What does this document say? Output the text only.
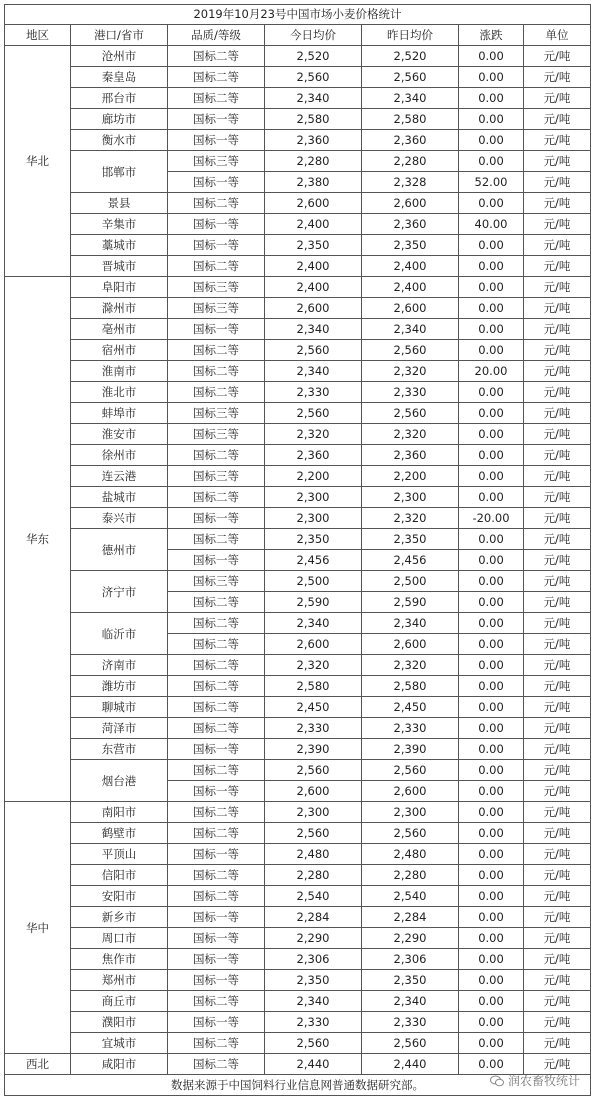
2019年10月23号中国市场小麦价格统计
地区	港口/省市	品质/等级	今日均价	昨日均价	涨跌	单位
华北	沧州市	国标二等	2,520	2,520	0.00	元/吨
	秦皇岛	国标二等	2,560	2,560	0.00	元/吨
	邢台市	国标二等	2,340	2,340	0.00	元/吨
	廊坊市	国标一等	2,580	2,580	0.00	元/吨
	衡水市	国标一等	2,360	2,360	0.00	元/吨
	邯郸市	国标三等	2,280	2,280	0.00	元/吨
		国标一等	2,380	2,328	52.00	元/吨
	景县	国标二等	2,600	2,600	0.00	元/吨
	辛集市	国标一等	2,400	2,360	40.00	元/吨
	藁城市	国标一等	2,350	2,350	0.00	元/吨
	晋城市	国标二等	2,400	2,400	0.00	元/吨
华东	阜阳市	国标三等	2,400	2,400	0.00	元/吨
	滁州市	国标三等	2,600	2,600	0.00	元/吨
	亳州市	国标一等	2,340	2,340	0.00	元/吨
	宿州市	国标二等	2,560	2,560	0.00	元/吨
	淮南市	国标二等	2,340	2,320	20.00	元/吨
	淮北市	国标二等	2,330	2,330	0.00	元/吨
	蚌埠市	国标三等	2,560	2,560	0.00	元/吨
	淮安市	国标三等	2,320	2,320	0.00	元/吨
	徐州市	国标二等	2,360	2,360	0.00	元/吨
	连云港	国标三等	2,200	2,200	0.00	元/吨
	盐城市	国标二等	2,300	2,300	0.00	元/吨
	泰兴市	国标一等	2,300	2,320	-20.00	元/吨
	德州市	国标二等	2,350	2,350	0.00	元/吨
		国标一等	2,456	2,456	0.00	元/吨
	济宁市	国标三等	2,500	2,500	0.00	元/吨
		国标二等	2,590	2,590	0.00	元/吨
	临沂市	国标二等	2,340	2,340	0.00	元/吨
		国标二等	2,600	2,600	0.00	元/吨
	济南市	国标二等	2,320	2,320	0.00	元/吨
	潍坊市	国标二等	2,580	2,580	0.00	元/吨
	聊城市	国标二等	2,450	2,450	0.00	元/吨
	菏泽市	国标二等	2,330	2,330	0.00	元/吨
	东营市	国标一等	2,390	2,390	0.00	元/吨
	烟台港	国标二等	2,560	2,560	0.00	元/吨
		国标一等	2,600	2,600	0.00	元/吨
华中	南阳市	国标二等	2,300	2,300	0.00	元/吨
	鹤壁市	国标二等	2,560	2,560	0.00	元/吨
	平顶山	国标一等	2,480	2,480	0.00	元/吨
	信阳市	国标二等	2,280	2,280	0.00	元/吨
	安阳市	国标二等	2,540	2,540	0.00	元/吨
	新乡市	国标一等	2,284	2,284	0.00	元/吨
	周口市	国标一等	2,290	2,290	0.00	元/吨
	焦作市	国标一等	2,306	2,306	0.00	元/吨
	郑州市	国标一等	2,350	2,350	0.00	元/吨
	商丘市	国标二等	2,340	2,340	0.00	元/吨
	濮阳市	国标一等	2,330	2,330	0.00	元/吨
	宜城市	国标二等	2,560	2,560	0.00	元/吨
西北	咸阳市	国标二等	2,440	2,440	0.00	元/吨
数据来源于中国饲料行业信息网普通数据研究部。							润农畜牧统计
